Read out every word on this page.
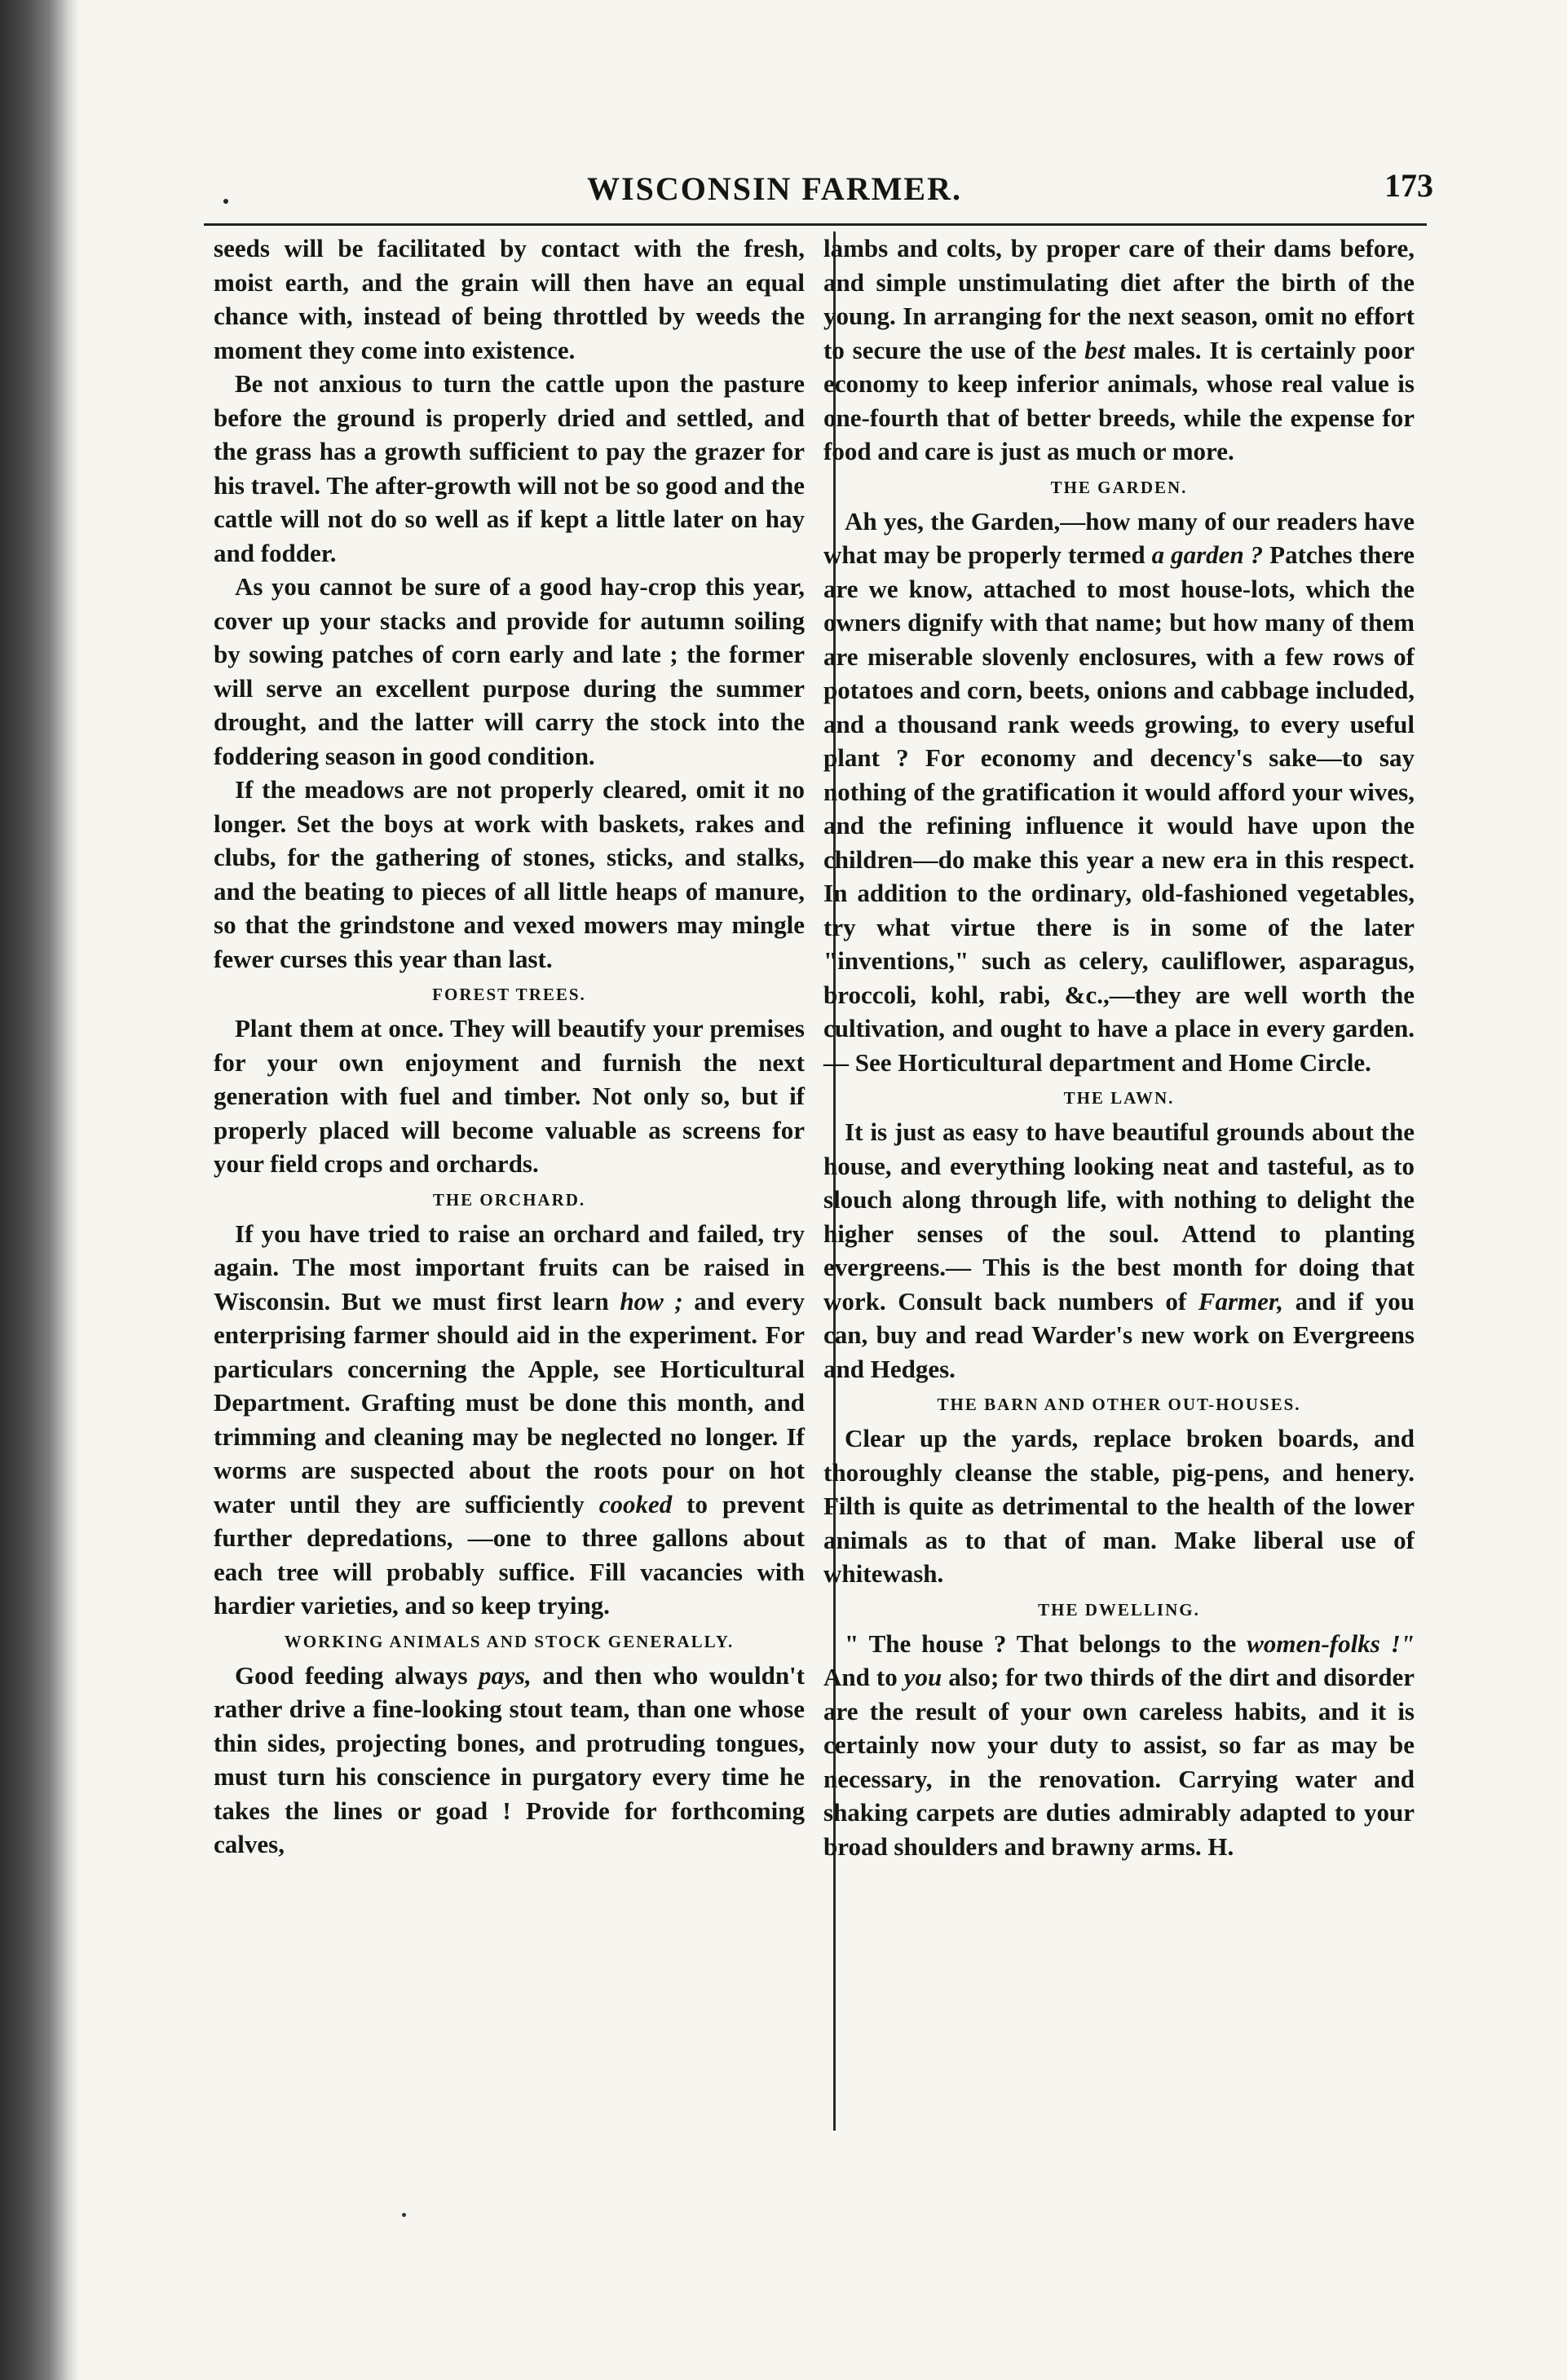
WISCONSIN FARMER.	173

seeds will be facilitated by contact with the fresh, moist earth, and the grain will then have an equal chance with, instead of being throttled by weeds the moment they come into existence.

Be not anxious to turn the cattle upon the pasture before the ground is properly dried and settled, and the grass has a growth sufficient to pay the grazer for his travel. The after-growth will not be so good and the cattle will not do so well as if kept a little later on hay and fodder.

As you cannot be sure of a good hay-crop this year, cover up your stacks and provide for autumn soiling by sowing patches of corn early and late ; the former will serve an excellent purpose during the summer drought, and the latter will carry the stock into the foddering season in good condition.

If the meadows are not properly cleared, omit it no longer. Set the boys at work with baskets, rakes and clubs, for the gathering of stones, sticks, and stalks, and the beating to pieces of all little heaps of manure, so that the grindstone and vexed mowers may mingle fewer curses this year than last.

FOREST TREES.

Plant them at once. They will beautify your premises for your own enjoyment and furnish the next generation with fuel and timber. Not only so, but if properly placed will become valuable as screens for your field crops and orchards.

THE ORCHARD.

If you have tried to raise an orchard and failed, try again. The most important fruits can be raised in Wisconsin. But we must first learn how ; and every enterprising farmer should aid in the experiment. For particulars concerning the Apple, see Horticultural Department. Grafting must be done this month, and trimming and cleaning may be neglected no longer. If worms are suspected about the roots pour on hot water until they are sufficiently cooked to prevent further depredations, —one to three gallons about each tree will probably suffice. Fill vacancies with hardier varieties, and so keep trying.

WORKING ANIMALS AND STOCK GENERALLY.

Good feeding always pays, and then who wouldn't rather drive a fine-looking stout team, than one whose thin sides, projecting bones, and protruding tongues, must turn his conscience in purgatory every time he takes the lines or goad ! Provide for forthcoming calves,

lambs and colts, by proper care of their dams before, and simple unstimulating diet after the birth of the young. In arranging for the next season, omit no effort to secure the use of the best males. It is certainly poor economy to keep inferior animals, whose real value is one-fourth that of better breeds, while the expense for food and care is just as much or more.

THE GARDEN.

Ah yes, the Garden,—how many of our readers have what may be properly termed a garden ? Patches there are we know, attached to most house-lots, which the owners dignify with that name; but how many of them are miserable slovenly enclosures, with a few rows of potatoes and corn, beets, onions and cabbage included, and a thousand rank weeds growing, to every useful plant ? For economy and decency's sake—to say nothing of the gratification it would afford your wives, and the refining influence it would have upon the children—do make this year a new era in this respect. In addition to the ordinary, old-fashioned vegetables, try what virtue there is in some of the later "inventions," such as celery, cauliflower, asparagus, broccoli, kohl, rabi, &c.,—they are well worth the cultivation, and ought to have a place in every garden.— See Horticultural department and Home Circle.

THE LAWN.

It is just as easy to have beautiful grounds about the house, and everything looking neat and tasteful, as to slouch along through life, with nothing to delight the higher senses of the soul. Attend to planting evergreens.— This is the best month for doing that work. Consult back numbers of Farmer, and if you can, buy and read Warder's new work on Evergreens and Hedges.

THE BARN AND OTHER OUT-HOUSES.

Clear up the yards, replace broken boards, and thoroughly cleanse the stable, pig-pens, and henery. Filth is quite as detrimental to the health of the lower animals as to that of man. Make liberal use of whitewash.

THE DWELLING.

" The house ? That belongs to the women-folks !" And to you also; for two thirds of the dirt and disorder are the result of your own careless habits, and it is certainly now your duty to assist, so far as may be necessary, in the renovation. Carrying water and shaking carpets are duties admirably adapted to your broad shoulders and brawny arms. H.
